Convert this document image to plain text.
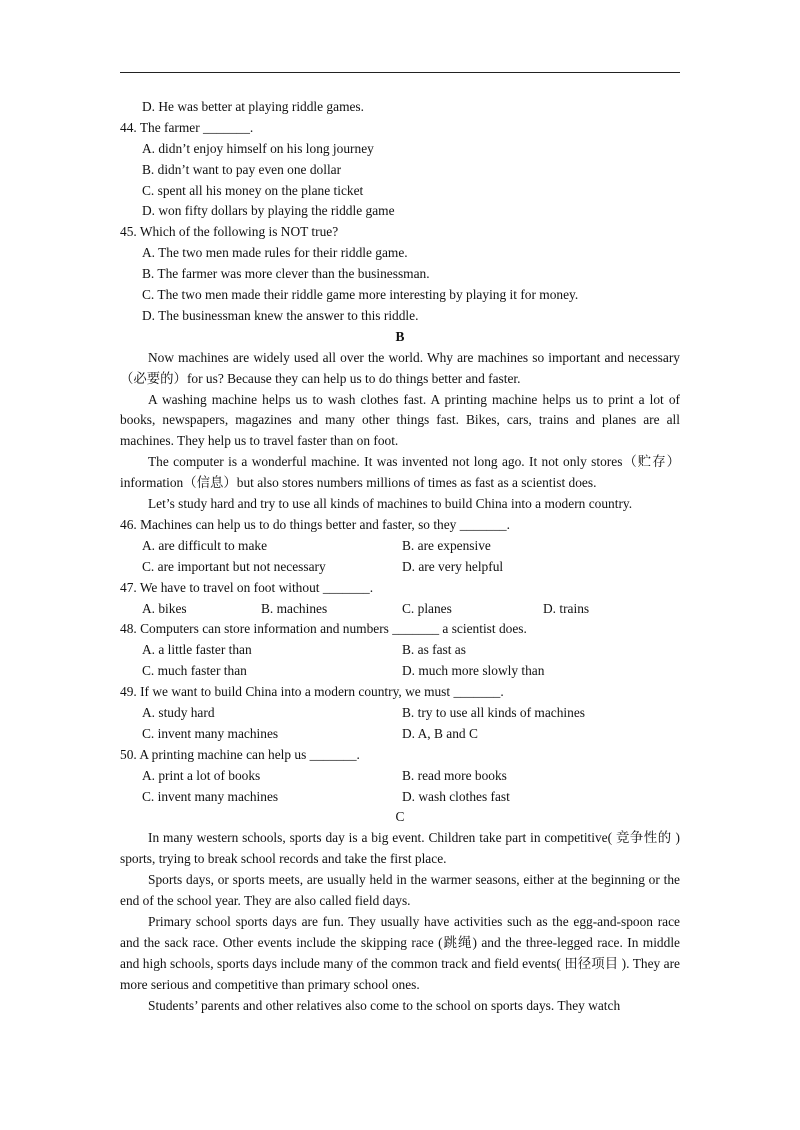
D. He was better at playing riddle games.
44. The farmer _______.
A. didn’t enjoy himself on his long journey
B. didn’t want to pay even one dollar
C. spent all his money on the plane ticket
D. won fifty dollars by playing the riddle game
45. Which of the following is NOT true?
A. The two men made rules for their riddle game.
B. The farmer was more clever than the businessman.
C. The two men made their riddle game more interesting by playing it for money.
D. The businessman knew the answer to this riddle.
B

Now machines are widely used all over the world. Why are machines so important and necessary（必要的）for us? Because they can help us to do things better and faster.

A washing machine helps us to wash clothes fast. A printing machine helps us to print a lot of books, newspapers, magazines and many other things fast. Bikes, cars, trains and planes are all machines. They help us to travel faster than on foot.

The computer is a wonderful machine. It was invented not long ago. It not only stores（贮存） information（信息）but also stores numbers millions of times as fast as a scientist does.

Let’s study hard and try to use all kinds of machines to build China into a modern country.

46. Machines can help us to do things better and faster, so they _______.
A. are difficult to make	B. are expensive
C. are important but not necessary	D. are very helpful
47. We have to travel on foot without _______.
A. bikes	B. machines	C. planes	D. trains
48. Computers can store information and numbers _______ a scientist does.
A. a little faster than	B. as fast as
C. much faster than	D. much more slowly than
49. If we want to build China into a modern country, we must _______.
A. study hard	B. try to use all kinds of machines
C. invent many machines	D. A, B and C
50. A printing machine can help us _______.
A. print a lot of books	B. read more books
C. invent many machines	D. wash clothes fast
C

In many western schools, sports day is a big event. Children take part in competitive( 竞争性的 ) sports, trying to break school records and take the first place.

Sports days, or sports meets, are usually held in the warmer seasons, either at the beginning or the end of the school year. They are also called field days.

Primary school sports days are fun. They usually have activities such as the egg-and-spoon race and the sack race. Other events include the skipping race (跳绳) and the three-legged race. In middle and high schools, sports days include many of the common track and field events( 田径项目 ). They are more serious and competitive than primary school ones.

Students’ parents and other relatives also come to the school on sports days. They watch
